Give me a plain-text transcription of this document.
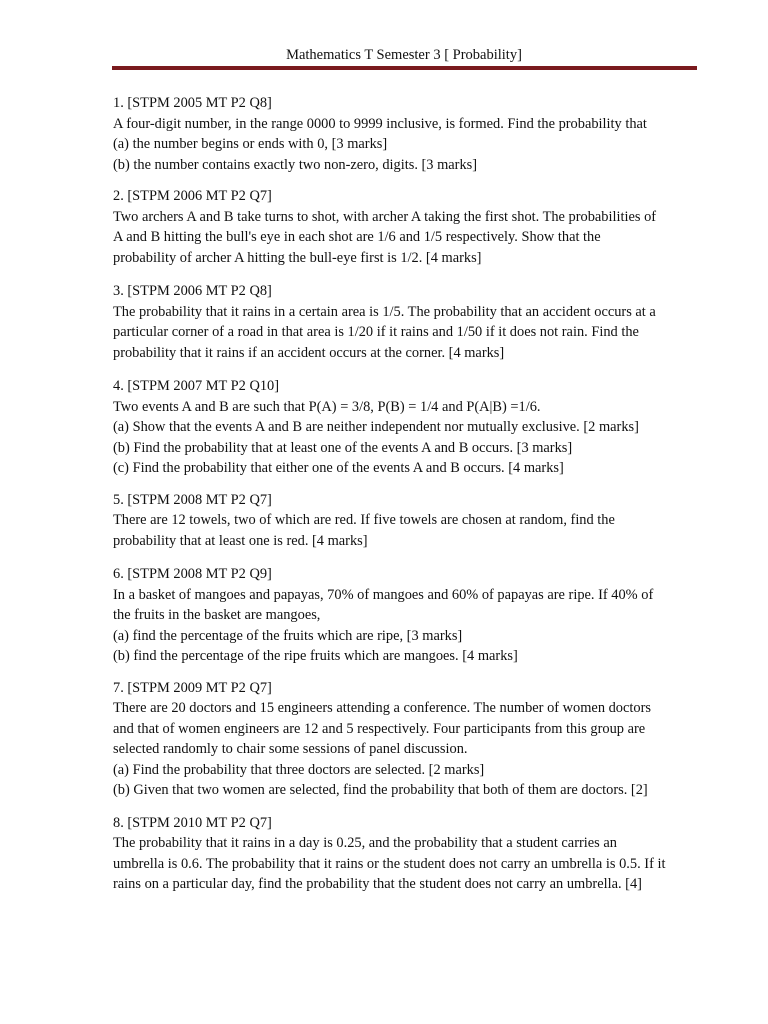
Mathematics T Semester 3 [ Probability]
1. [STPM 2005 MT P2 Q8]
A four-digit number, in the range 0000 to 9999 inclusive, is formed. Find the probability that
(a) the number begins or ends with 0, [3 marks]
(b) the number contains exactly two non-zero, digits. [3 marks]
2. [STPM 2006 MT P2 Q7]
Two archers A and B take turns to shot, with archer A taking the first shot. The probabilities of
A and B hitting the bull's eye in each shot are 1/6 and 1/5 respectively. Show that the
probability of archer A hitting the bull-eye first is 1/2. [4 marks]
3. [STPM 2006 MT P2 Q8]
The probability that it rains in a certain area is 1/5. The probability that an accident occurs at a
particular corner of a road in that area is 1/20 if it rains and 1/50 if it does not rain. Find the
probability that it rains if an accident occurs at the corner. [4 marks]
4. [STPM 2007 MT P2 Q10]
Two events A and B are such that P(A) = 3/8, P(B) = 1/4 and P(A|B) =1/6.
(a) Show that the events A and B are neither independent nor mutually exclusive. [2 marks]
(b) Find the probability that at least one of the events A and B occurs. [3 marks]
(c) Find the probability that either one of the events A and B occurs. [4 marks]
5. [STPM 2008 MT P2 Q7]
There are 12 towels, two of which are red. If five towels are chosen at random, find the
probability that at least one is red. [4 marks]
6. [STPM 2008 MT P2 Q9]
In a basket of mangoes and papayas, 70% of mangoes and 60% of papayas are ripe. If 40% of
the fruits in the basket are mangoes,
(a) find the percentage of the fruits which are ripe, [3 marks]
(b) find the percentage of the ripe fruits which are mangoes. [4 marks]
7. [STPM 2009 MT P2 Q7]
There are 20 doctors and 15 engineers attending a conference. The number of women doctors
and that of women engineers are 12 and 5 respectively. Four participants from this group are
selected randomly to chair some sessions of panel discussion.
(a) Find the probability that three doctors are selected. [2 marks]
(b) Given that two women are selected, find the probability that both of them are doctors. [2]
8. [STPM 2010 MT P2 Q7]
The probability that it rains in a day is 0.25, and the probability that a student carries an
umbrella is 0.6. The probability that it rains or the student does not carry an umbrella is 0.5. If it
rains on a particular day, find the probability that the student does not carry an umbrella. [4]
